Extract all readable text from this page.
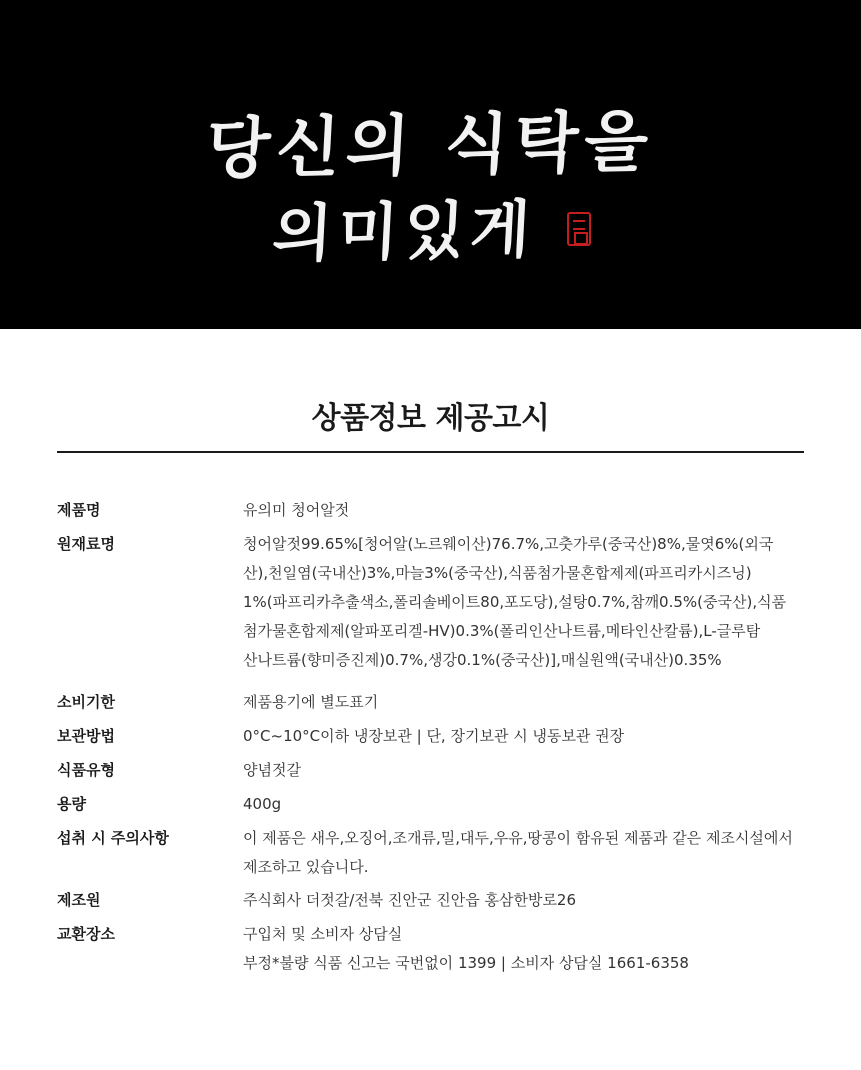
당신의 식탁을
의미있게
상품정보 제공고시
제품명	유의미 청어알젓
원재료명	청어알젓99.65%[청어알(노르웨이산)76.7%,고춧가루(중국산)8%,물엿6%(외국
산),천일염(국내산)3%,마늘3%(중국산),식품첨가물혼합제제(파프리카시즈닝)
1%(파프리카추출색소,폴리솔베이트80,포도당),설탕0.7%,참깨0.5%(중국산),식품
첨가물혼합제제(알파포리겔-HV)0.3%(폴리인산나트륨,메타인산칼륨),L-글루탐
산나트륨(향미증진제)0.7%,생강0.1%(중국산)],매실원액(국내산)0.35%
소비기한	제품용기에 별도표기
보관방법	0°C~10°C이하 냉장보관 | 단, 장기보관 시 냉동보관 권장
식품유형	양념젓갈
용량	400g
섭취 시 주의사항	이 제품은 새우,오징어,조개류,밀,대두,우유,땅콩이 함유된 제품과 같은 제조시설에서
제조하고 있습니다.
제조원	주식회사 더젓갈/전북 진안군 진안읍 홍삼한방로26
교환장소	구입처 및 소비자 상담실
부정*불량 식품 신고는 국번없이 1399 | 소비자 상담실 1661-6358
